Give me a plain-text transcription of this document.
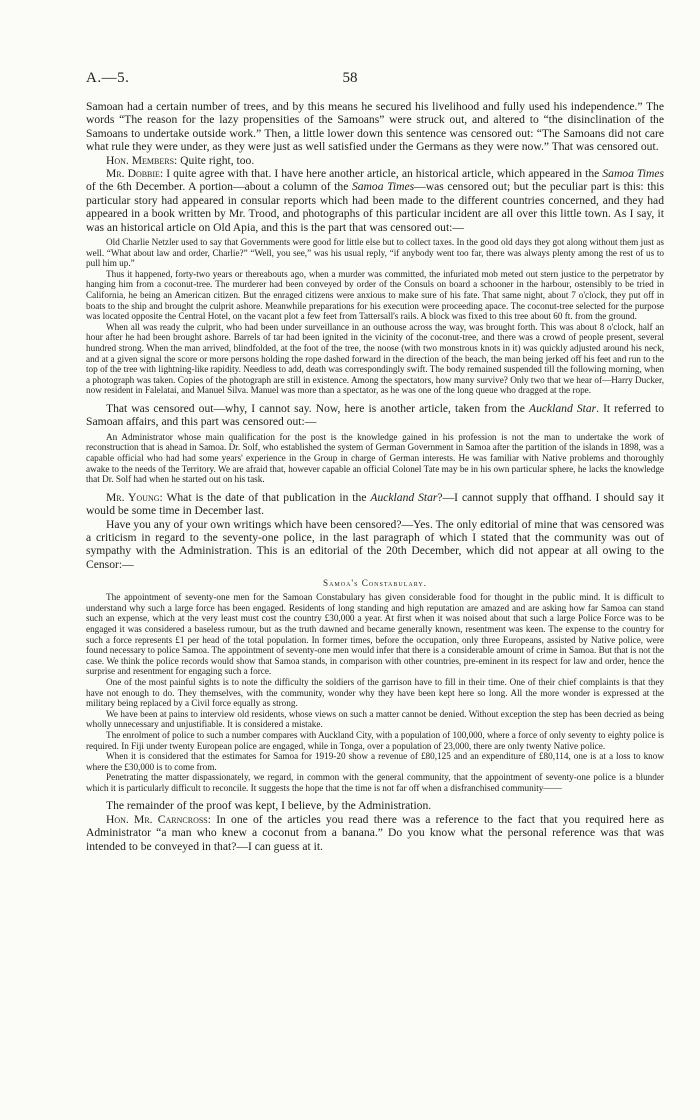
A.—5.	58

Samoan had a certain number of trees, and by this means he secured his livelihood and fully used his independence.” The words “The reason for the lazy propensities of the Samoans” were struck out, and altered to “the disinclination of the Samoans to undertake outside work.” Then, a little lower down this sentence was censored out: “The Samoans did not care what rule they were under, as they were just as well satisfied under the Germans as they were now.” That was censored out.

Hon. Members: Quite right, too.

Mr. Dobbie: I quite agree with that. I have here another article, an historical article, which appeared in the Samoa Times of the 6th December. A portion—about a column of the Samoa Times—was censored out; but the peculiar part is this: this particular story had appeared in consular reports which had been made to the different countries concerned, and they had appeared in a book written by Mr. Trood, and photographs of this particular incident are all over this little town. As I say, it was an historical article on Old Apia, and this is the part that was censored out:—

Old Charlie Netzler used to say that Governments were good for little else but to collect taxes. In the good old days they got along without them just as well. “What about law and order, Charlie?” “Well, you see,” was his usual reply, “if anybody went too far, there was always plenty among the rest of us to pull him up.”

Thus it happened, forty-two years or thereabouts ago, when a murder was committed, the infuriated mob meted out stern justice to the perpetrator by hanging him from a coconut-tree. The murderer had been conveyed by order of the Consuls on board a schooner in the harbour, ostensibly to be tried in California, he being an American citizen. But the enraged citizens were anxious to make sure of his fate. That same night, about 7 o'clock, they put off in boats to the ship and brought the culprit ashore. Meanwhile preparations for his execution were proceeding apace. The coconut-tree selected for the purpose was located opposite the Central Hotel, on the vacant plot a few feet from Tattersall's rails. A block was fixed to this tree about 60 ft. from the ground.

When all was ready the culprit, who had been under surveillance in an outhouse across the way, was brought forth. This was about 8 o'clock, half an hour after he had been brought ashore. Barrels of tar had been ignited in the vicinity of the coconut-tree, and there was a crowd of people present, several hundred strong. When the man arrived, blindfolded, at the foot of the tree, the noose (with two monstrous knots in it) was quickly adjusted around his neck, and at a given signal the score or more persons holding the rope dashed forward in the direction of the beach, the man being jerked off his feet and run to the top of the tree with lightning-like rapidity. Needless to add, death was correspondingly swift. The body remained suspended till the following morning, when a photograph was taken. Copies of the photograph are still in existence. Among the spectators, how many survive? Only two that we hear of—Harry Ducker, now resident in Falelatai, and Manuel Silva. Manuel was more than a spectator, as he was one of the long queue who dragged at the rope.

That was censored out—why, I cannot say. Now, here is another article, taken from the Auckland Star. It referred to Samoan affairs, and this part was censored out:—

An Administrator whose main qualification for the post is the knowledge gained in his profession is not the man to undertake the work of reconstruction that is ahead in Samoa. Dr. Solf, who established the system of German Government in Samoa after the partition of the islands in 1898, was a capable official who had had some years' experience in the Group in charge of German interests. He was familiar with Native problems and thoroughly awake to the needs of the Territory. We are afraid that, however capable an official Colonel Tate may be in his own particular sphere, he lacks the knowledge that Dr. Solf had when he started out on his task.

Mr. Young: What is the date of that publication in the Auckland Star?—I cannot supply that offhand. I should say it would be some time in December last.

Have you any of your own writings which have been censored?—Yes. The only editorial of mine that was censored was a criticism in regard to the seventy-one police, in the last paragraph of which I stated that the community was out of sympathy with the Administration. This is an editorial of the 20th December, which did not appear at all owing to the Censor:—

Samoa's Constabulary.

The appointment of seventy-one men for the Samoan Constabulary has given considerable food for thought in the public mind. It is difficult to understand why such a large force has been engaged. Residents of long standing and high reputation are amazed and are asking how far Samoa can stand such an expense, which at the very least must cost the country £30,000 a year. At first when it was noised about that such a large Police Force was to be engaged it was considered a baseless rumour, but as the truth dawned and became generally known, resentment was keen. The expense to the country for such a force represents £1 per head of the total population. In former times, before the occupation, only three Europeans, assisted by Native police, were found necessary to police Samoa. The appointment of seventy-one men would infer that there is a considerable amount of crime in Samoa. But that is not the case. We think the police records would show that Samoa stands, in comparison with other countries, pre-eminent in its respect for law and order, hence the surprise and resentment for engaging such a force.

One of the most painful sights is to note the difficulty the soldiers of the garrison have to fill in their time. One of their chief complaints is that they have not enough to do. They themselves, with the community, wonder why they have been kept here so long. All the more wonder is expressed at the military being replaced by a Civil force equally as strong.

We have been at pains to interview old residents, whose views on such a matter cannot be denied. Without exception the step has been decried as being wholly unnecessary and unjustifiable. It is considered a mistake.

The enrolment of police to such a number compares with Auckland City, with a population of 100,000, where a force of only seventy to eighty police is required. In Fiji under twenty European police are engaged, while in Tonga, over a population of 23,000, there are only twenty Native police.

When it is considered that the estimates for Samoa for 1919-20 show a revenue of £80,125 and an expenditure of £80,114, one is at a loss to know where the £30,000 is to come from.

Penetrating the matter dispassionately, we regard, in common with the general community, that the appointment of seventy-one police is a blunder which it is particularly difficult to reconcile. It suggests the hope that the time is not far off when a disfranchised community——

The remainder of the proof was kept, I believe, by the Administration.

Hon. Mr. Carncross: In one of the articles you read there was a reference to the fact that you required here as Administrator “a man who knew a coconut from a banana.” Do you know what the personal reference was that was intended to be conveyed in that?—I can guess at it.
